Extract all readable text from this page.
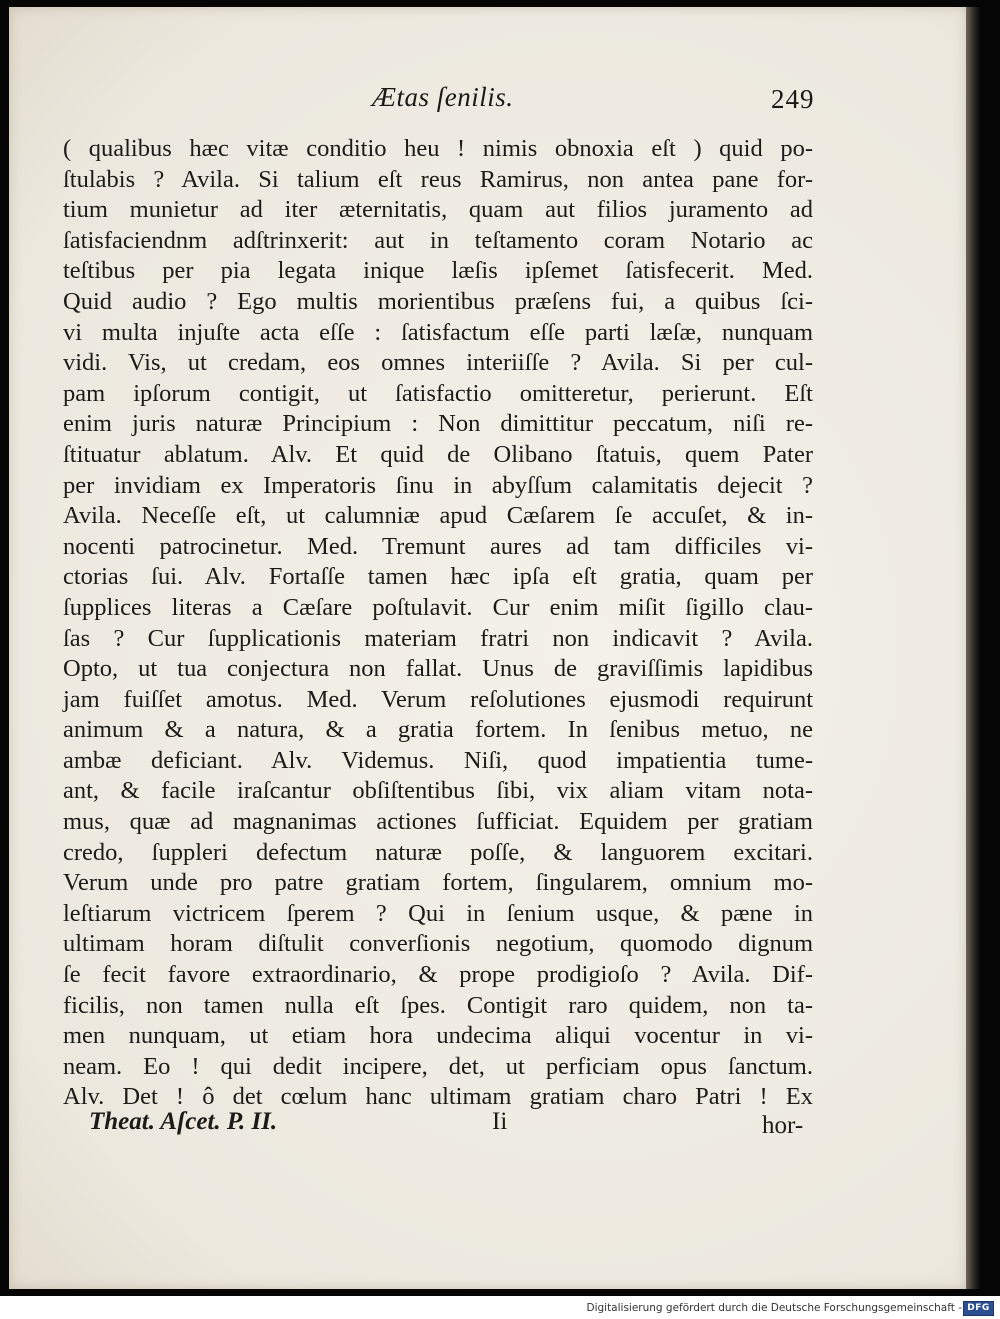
Ætas ſenilis.	249
( qualibus hæc vitæ conditio heu ! nimis obnoxia eſt ) quid po-
ſtulabis ? Avila. Si talium eſt reus Ramirus, non antea pane for-
tium munietur ad iter æternitatis, quam aut filios juramento ad
ſatisfaciendnm adſtrinxerit: aut in teſtamento coram Notario ac
teſtibus per pia legata inique læſis ipſemet ſatisfecerit. Med.
Quid audio ? Ego multis morientibus præſens fui, a quibus ſci-
vi multa injuſte acta eſſe : ſatisfactum eſſe parti læſæ, nunquam
vidi. Vis, ut credam, eos omnes interiiſſe ? Avila. Si per cul-
pam ipſorum contigit, ut ſatisfactio omitteretur, perierunt. Eſt
enim juris naturæ Principium : Non dimittitur peccatum, niſi re-
ſtituatur ablatum. Alv. Et quid de Olibano ſtatuis, quem Pater
per invidiam ex Imperatoris ſinu in abyſſum calamitatis dejecit ?
Avila. Neceſſe eſt, ut calumniæ apud Cæſarem ſe accuſet, & in-
nocenti patrocinetur. Med. Tremunt aures ad tam difficiles vi-
ctorias ſui. Alv. Fortaſſe tamen hæc ipſa eſt gratia, quam per
ſupplices literas a Cæſare poſtulavit. Cur enim miſit ſigillo clau-
ſas ? Cur ſupplicationis materiam fratri non indicavit ? Avila.
Opto, ut tua conjectura non fallat. Unus de graviſſimis lapidibus
jam fuiſſet amotus. Med. Verum reſolutiones ejusmodi requirunt
animum & a natura, & a gratia fortem. In ſenibus metuo, ne
ambæ deficiant. Alv. Videmus. Niſi, quod impatientia tume-
ant, & facile iraſcantur obſiſtentibus ſibi, vix aliam vitam nota-
mus, quæ ad magnanimas actiones ſufficiat. Equidem per gratiam
credo, ſuppleri defectum naturæ poſſe, & languorem excitari.
Verum unde pro patre gratiam fortem, ſingularem, omnium mo-
leſtiarum victricem ſperem ? Qui in ſenium usque, & pæne in
ultimam horam diſtulit converſionis negotium, quomodo dignum
ſe fecit favore extraordinario, & prope prodigioſo ? Avila. Dif-
ficilis, non tamen nulla eſt ſpes. Contigit raro quidem, non ta-
men nunquam, ut etiam hora undecima aliqui vocentur in vi-
neam. Eo ! qui dedit incipere, det, ut perficiam opus ſanctum.
Alv. Det ! ô det cœlum hanc ultimam gratiam charo Patri ! Ex
Theat. Aſcet. P. II.	Ii	hor-
Digitalisierung gefördert durch die Deutsche Forschungsgemeinschaft - DFG
